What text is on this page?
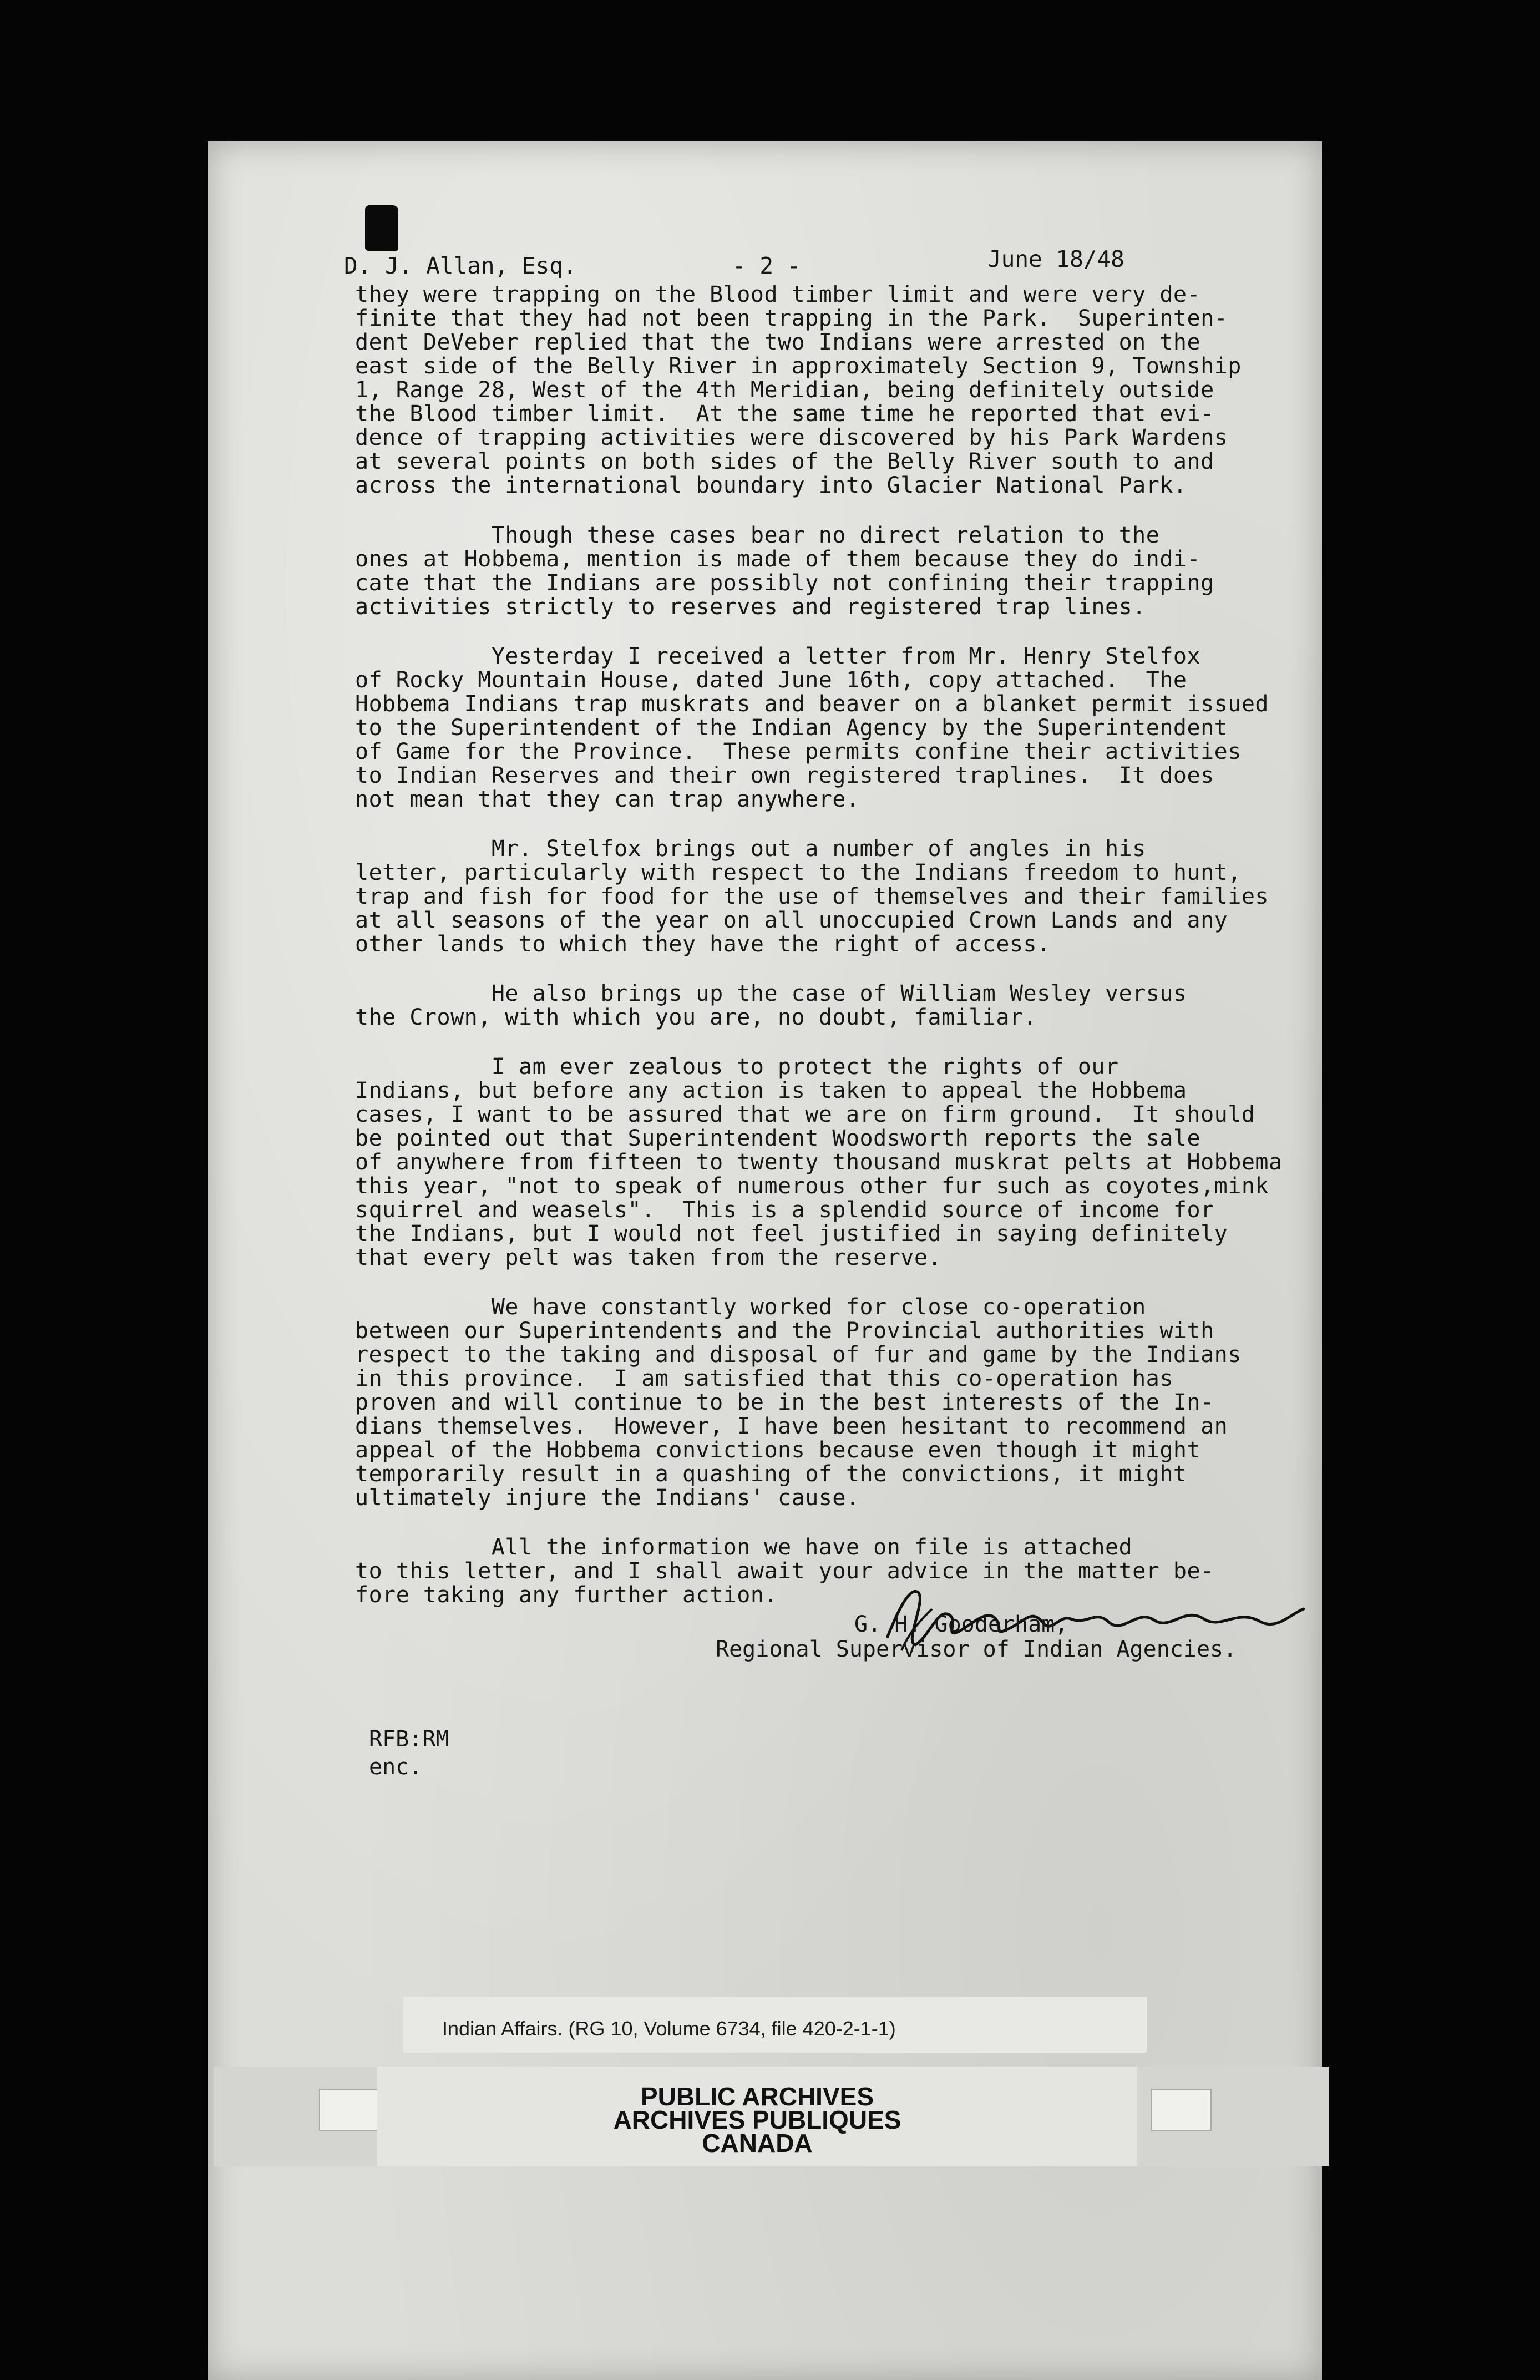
D. J. Allan, Esq.	- 2 -	June 18/48
they were trapping on the Blood timber limit and were very de-
finite that they had not been trapping in the Park.  Superinten-
dent DeVeber replied that the two Indians were arrested on the
east side of the Belly River in approximately Section 9, Township
1, Range 28, West of the 4th Meridian, being definitely outside
the Blood timber limit.  At the same time he reported that evi-
dence of trapping activities were discovered by his Park Wardens
at several points on both sides of the Belly River south to and
across the international boundary into Glacier National Park.
Though these cases bear no direct relation to the
ones at Hobbema, mention is made of them because they do indi-
cate that the Indians are possibly not confining their trapping
activities strictly to reserves and registered trap lines.
Yesterday I received a letter from Mr. Henry Stelfox
of Rocky Mountain House, dated June 16th, copy attached.  The
Hobbema Indians trap muskrats and beaver on a blanket permit issued
to the Superintendent of the Indian Agency by the Superintendent
of Game for the Province.  These permits confine their activities
to Indian Reserves and their own registered traplines.  It does
not mean that they can trap anywhere.
Mr. Stelfox brings out a number of angles in his
letter, particularly with respect to the Indians freedom to hunt,
trap and fish for food for the use of themselves and their families
at all seasons of the year on all unoccupied Crown Lands and any
other lands to which they have the right of access.
He also brings up the case of William Wesley versus
the Crown, with which you are, no doubt, familiar.
I am ever zealous to protect the rights of our
Indians, but before any action is taken to appeal the Hobbema
cases, I want to be assured that we are on firm ground.  It should
be pointed out that Superintendent Woodsworth reports the sale
of anywhere from fifteen to twenty thousand muskrat pelts at Hobbema
this year, "not to speak of numerous other fur such as coyotes,mink
squirrel and weasels".  This is a splendid source of income for
the Indians, but I would not feel justified in saying definitely
that every pelt was taken from the reserve.
We have constantly worked for close co-operation
between our Superintendents and the Provincial authorities with
respect to the taking and disposal of fur and game by the Indians
in this province.  I am satisfied that this co-operation has
proven and will continue to be in the best interests of the In-
dians themselves.  However, I have been hesitant to recommend an
appeal of the Hobbema convictions because even though it might
temporarily result in a quashing of the convictions, it might
ultimately injure the Indians' cause.
All the information we have on file is attached
to this letter, and I shall await your advice in the matter be-
fore taking any further action.
G. H. Gooderham,
Regional Supervisor of Indian Agencies.
RFB:RM
enc.
Indian Affairs. (RG 10, Volume 6734, file 420-2-1-1)
PUBLIC ARCHIVES
ARCHIVES PUBLIQUES
CANADA
